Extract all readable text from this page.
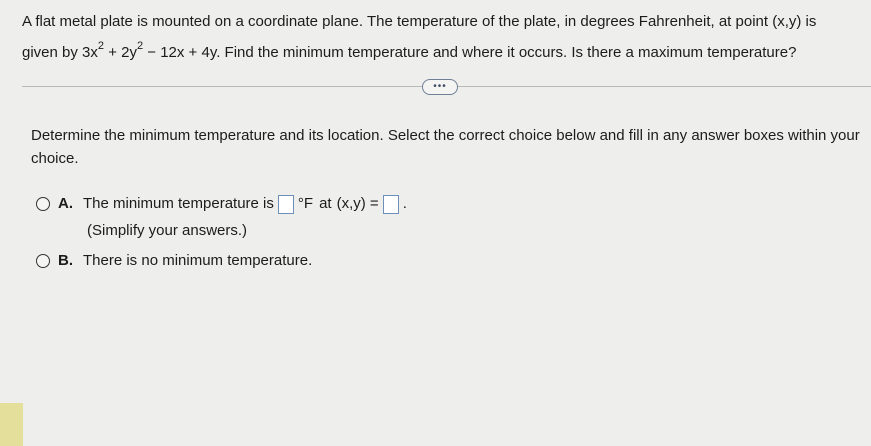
A flat metal plate is mounted on a coordinate plane. The temperature of the plate, in degrees Fahrenheit, at point (x,y) is
given by $3x^2 + 2y^2 - 12x + 4y$. Find the minimum temperature and where it occurs. Is there a maximum temperature?
•••
Determine the minimum temperature and its location. Select the correct choice below and fill in any answer boxes within your choice.
A. The minimum temperature is °F at (x,y) = .
(Simplify your answers.)
B. There is no minimum temperature.
